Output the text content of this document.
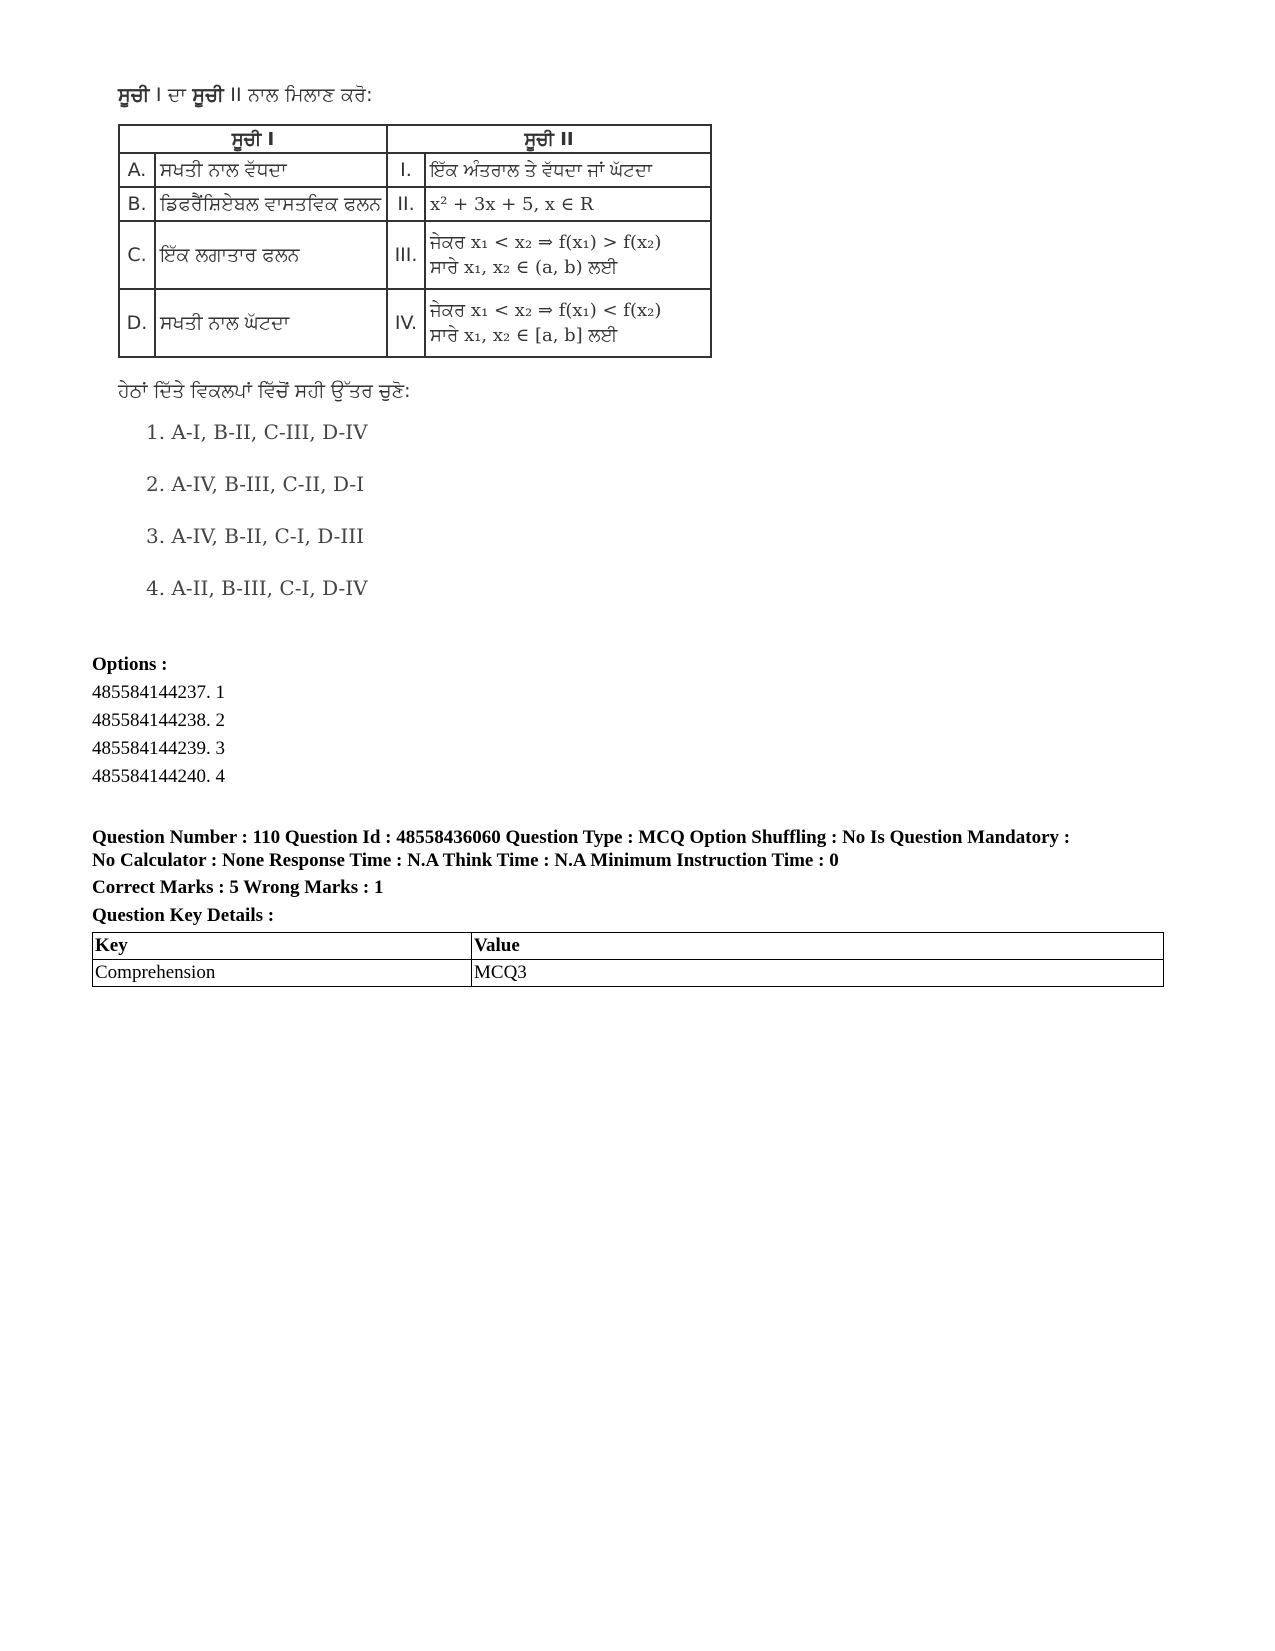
ਸੂਚੀ I ਦਾ ਸੂਚੀ II ਨਾਲ ਮਿਲਾਣ ਕਰੋ:
ਸੂਚੀ I		ਸੂਚੀ II	
A.	ਸਖਤੀ ਨਾਲ ਵੱਧਦਾ	I.	ਇੱਕ ਅੰਤਰਾਲ ਤੇ ਵੱਧਦਾ ਜਾਂ ਘੱਟਦਾ
B.	ਡਿਫਰੈਂਸ਼ਿਏਬਲ ਵਾਸਤਵਿਕ ਫਲਨ	II.	x² + 3x + 5, x ∈ R
C.	ਇੱਕ ਲਗਾਤਾਰ ਫਲਨ	III.	ਜੇਕਰ x₁ < x₂ ⇒ f(x₁) > f(x₂)
ਸਾਰੇ x₁, x₂ ∈ (a, b) ਲਈ

D.	ਸਖਤੀ ਨਾਲ ਘੱਟਦਾ	IV.	ਜੇਕਰ x₁ < x₂ ⇒ f(x₁) < f(x₂)
ਸਾਰੇ x₁, x₂ ∈ [a, b] ਲਈ
ਹੇਠਾਂ ਦਿੱਤੇ ਵਿਕਲਪਾਂ ਵਿੱਚੋਂ ਸਹੀ ਉੱਤਰ ਚੁਣੋ:
1. A-I, B-II, C-III, D-IV
2. A-IV, B-III, C-II, D-I
3. A-IV, B-II, C-I, D-III
4. A-II, B-III, C-I, D-IV
Options :
485584144237. 1
485584144238. 2
485584144239. 3
485584144240. 4
Question Number : 110 Question Id : 48558436060 Question Type : MCQ Option Shuffling : No Is Question Mandatory :
No Calculator : None Response Time : N.A Think Time : N.A Minimum Instruction Time : 0
Correct Marks : 5 Wrong Marks : 1
Question Key Details :
Key	Value
Comprehension	MCQ3
